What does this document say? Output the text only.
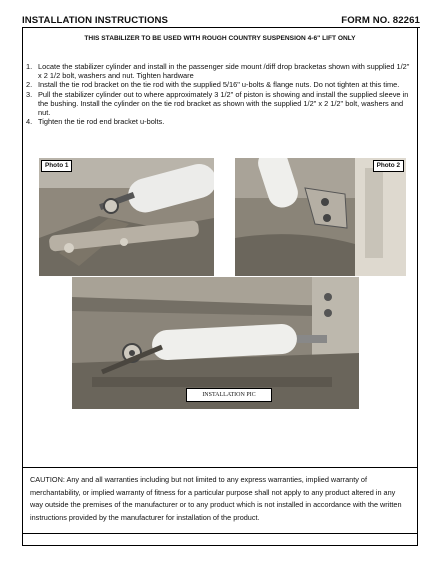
INSTALLATION INSTRUCTIONS	FORM NO. 82261
THIS STABILIZER TO BE USED WITH ROUGH COUNTRY SUSPENSION 4-6" LIFT ONLY
1. Locate the stabilizer cylinder and install in the passenger side mount /diff drop bracketas shown with supplied 1/2" x 2 1/2 bolt, washers and nut. Tighten hardware
2. Install the tie rod bracket on the tie rod with the supplied 5/16" u-bolts & flange nuts. Do not tighten at this time.
3. Pull the stabilizer cylinder out to where approximately 3 1/2" of piston is showing and install the supplied sleeve in the bushing. Install the cylinder on the tie rod bracket as shown with the supplied 1/2" x 2 1/2" bolt, washers and nut.
4. Tighten the tie rod end bracket u-bolts.
Photo 1	Photo 2
INSTALLATION PIC
CAUTION: Any and all warranties including but not limited to any express warranties, implied warranty of merchantability, or implied warranty of fitness for a particular purpose shall not apply to any product altered in any way outside the premises of the manufacturer or to any product which is not installed in accordance with the written instructions provided by the manufacturer for installation of the product.
